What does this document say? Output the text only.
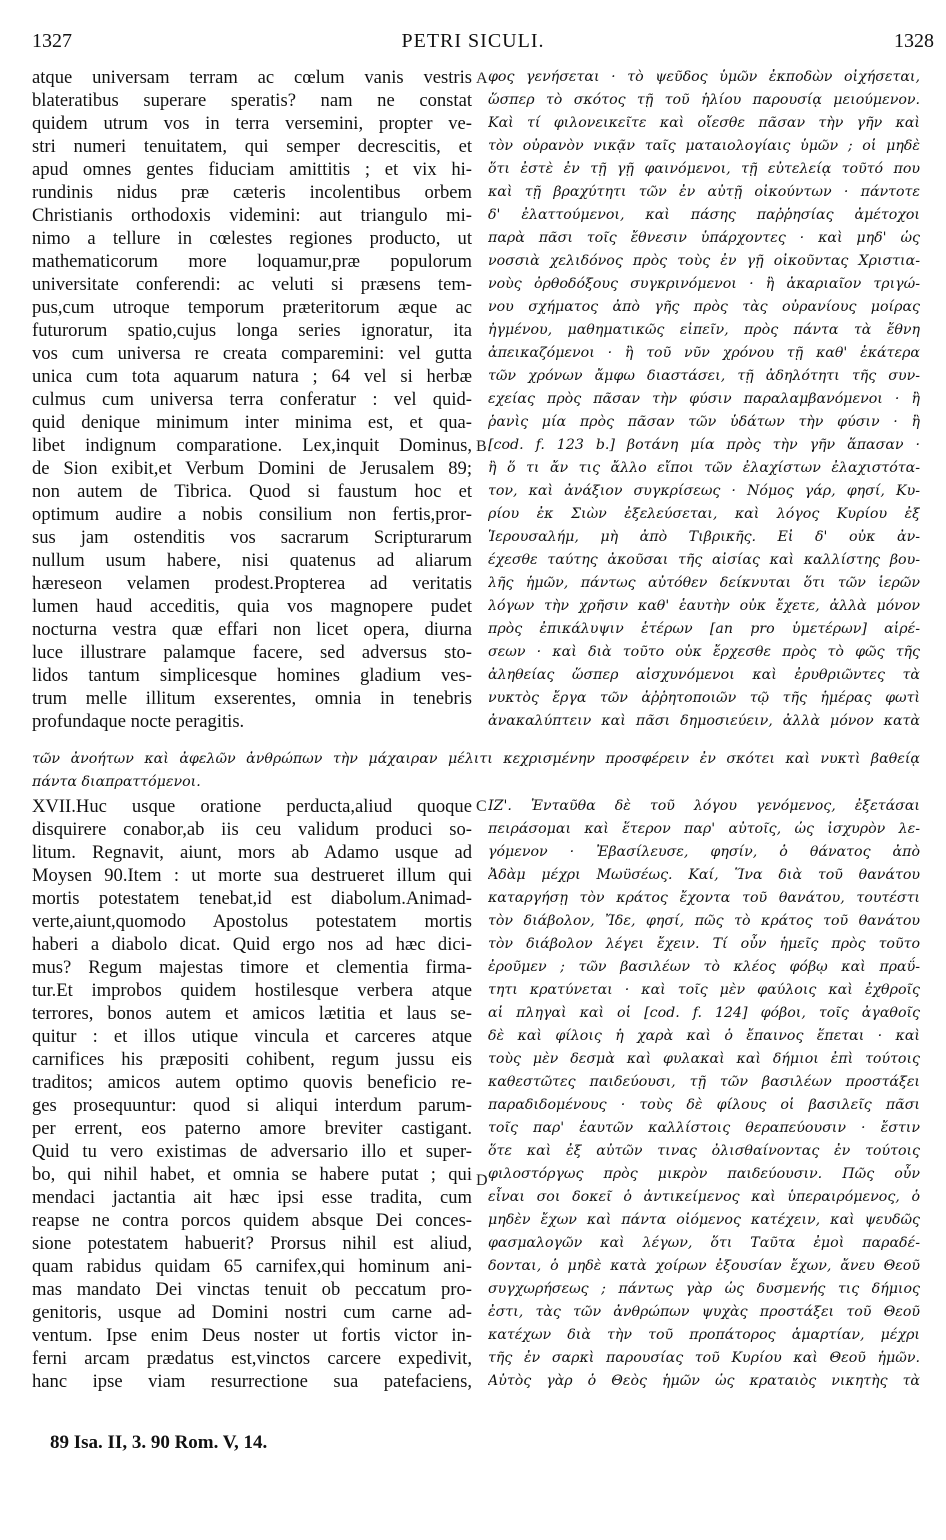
1327	PETRI SICULI.	1328
atque universam terram ac cœlum vanis vestris
blateratibus superare speratis? nam ne constat
quidem utrum vos in terra versemini, propter ve-
stri numeri tenuitatem, qui semper decrescitis, et
apud omnes gentes fiduciam amittitis ; et vix hi-
rundinis nidus præ cæteris incolentibus orbem
Christianis orthodoxis videmini: aut triangulo mi-
nimo a tellure in cœlestes regiones producto, ut
mathematicorum more loquamur,præ populorum
universitate conferendi: ac veluti si præsens tem-
pus,cum utroque temporum præteritorum æque ac
futurorum spatio,cujus longa series ignoratur, ita
vos cum universa re creata comparemini: vel gutta
unica cum tota aquarum natura ; 64 vel si herbæ
culmus cum universa terra conferatur : vel quid-
quid denique minimum inter minima est, et qua-
libet indignum comparatione. Lex,inquit Dominus,
de Sion exibit,et Verbum Domini de Jerusalem 89;
non autem de Tibrica. Quod si faustum hoc et
optimum audire a nobis consilium non fertis,pror-
sus jam ostenditis vos sacrarum Scripturarum
nullum usum habere, nisi quatenus ad aliarum
hæreseon velamen prodest.Propterea ad veritatis
lumen haud acceditis, quia vos magnopere pudet
nocturna vestra quæ effari non licet opera, diurna
luce illustrare palamque facere, sed adversus sto-
lidos tantum simplicesque homines gladium ves-
trum melle illitum exserentes, omnia in tenebris
profundaque nocte peragitis.
φος γενήσεται · τὸ ψεῦδος ὑμῶν ἐκποδὼν οἰχήσεται,
ὥσπερ τὸ σκότος τῇ τοῦ ἡλίου παρουσίᾳ μειούμενον.
Καὶ τί φιλονεικεῖτε καὶ οἴεσθε πᾶσαν τὴν γῆν καὶ
τὸν οὐρανὸν νικᾷν ταῖς ματαιολογίαις ὑμῶν ; οἱ μηδὲ
ὅτι ἐστὲ ἐν τῇ γῇ φαινόμενοι, τῇ εὐτελείᾳ τοῦτό που
καὶ τῇ βραχύτητι τῶν ἐν αὐτῇ οἰκούντων · πάντοτε
δ' ἐλαττούμενοι, καὶ πάσης παῤῥησίας ἀμέτοχοι
παρὰ πᾶσι τοῖς ἔθνεσιν ὑπάρχοντες · καὶ μηδ' ὡς
νοσσιὰ χελιδόνος πρὸς τοὺς ἐν γῇ οἰκοῦντας Χριστια-
νοὺς ὀρθοδόξους συγκρινόμενοι · ἢ ἀκαριαῖον τριγώ-
νου σχήματος ἀπὸ γῆς πρὸς τὰς οὐρανίους μοίρας
ἠγμένου, μαθηματικῶς εἰπεῖν, πρὸς πάντα τὰ ἔθνη
ἀπεικαζόμενοι · ἢ τοῦ νῦν χρόνου τῇ καθ' ἑκάτερα
τῶν χρόνων ἄμφω διαστάσει, τῇ ἀδηλότητι τῆς συν-
εχείας πρὸς πᾶσαν τὴν φύσιν παραλαμβανόμενοι · ἢ
ῥανὶς μία πρὸς πᾶσαν τῶν ὑδάτων τὴν φύσιν · ἢ
[cod. f. 123 b.] βοτάνη μία πρὸς τὴν γῆν ἅπασαν ·
ἢ ὅ τι ἄν τις ἄλλο εἴποι τῶν ἐλαχίστων ἐλαχιστότα-
τον, καὶ ἀνάξιον συγκρίσεως · Νόμος γάρ, φησί, Κυ-
ρίου ἐκ Σιὼν ἐξελεύσεται, καὶ λόγος Κυρίου ἐξ
Ἱερουσαλήμ, μὴ ἀπὸ Τιβρικῆς. Εἰ δ' οὐκ ἀν-
έχεσθε ταύτης ἀκοῦσαι τῆς αἰσίας καὶ καλλίστης βου-
λῆς ἡμῶν, πάντως αὐτόθεν δείκνυται ὅτι τῶν ἱερῶν
λόγων τὴν χρῆσιν καθ' ἑαυτὴν οὐκ ἔχετε, ἀλλὰ μόνον
πρὸς ἐπικάλυψιν ἑτέρων [an pro ὑμετέρων] αἱρέ-
σεων · καὶ διὰ τοῦτο οὐκ ἔρχεσθε πρὸς τὸ φῶς τῆς
ἀληθείας ὥσπερ αἰσχυνόμενοι καὶ ἐρυθριῶντες τὰ
νυκτὸς ἔργα τῶν ἀῤῥητοποιῶν τῷ τῆς ἡμέρας φωτὶ
ἀνακαλύπτειν καὶ πᾶσι δημοσιεύειν, ἀλλὰ μόνον κατὰ
τῶν ἀνοήτων καὶ ἀφελῶν ἀνθρώπων τὴν μάχαιραν μέλιτι κεχρισμένην προσφέρειν ἐν σκότει καὶ νυκτὶ βαθείᾳ
πάντα διαπραττόμενοι.
XVII.Huc usque oratione perducta,aliud quoque
disquirere conabor,ab iis ceu validum produci so-
litum. Regnavit, aiunt, mors ab Adamo usque ad
Moysen 90.Item : ut morte sua destrueret illum qui
mortis potestatem tenebat,id est diabolum.Animad-
verte,aiunt,quomodo Apostolus potestatem mortis
haberi a diabolo dicat. Quid ergo nos ad hæc dici-
mus? Regum majestas timore et clementia firma-
tur.Et improbos quidem hostilesque verbera atque
terrores, bonos autem et amicos lætitia et laus se-
quitur : et illos utique vincula et carceres atque
carnifices his præpositi cohibent, regum jussu eis
traditos; amicos autem optimo quovis beneficio re-
ges prosequuntur: quod si aliqui interdum parum-
per errent, eos paterno amore breviter castigant.
Quid tu vero existimas de adversario illo et super-
bo, qui nihil habet, et omnia se habere putat ; qui
mendaci jactantia ait hæc ipsi esse tradita, cum
reapse ne contra porcos quidem absque Dei conces-
sione potestatem habuerit? Prorsus nihil est aliud,
quam rabidus quidam 65 carnifex,qui hominum ani-
mas mandato Dei vinctas tenuit ob peccatum pro-
genitoris, usque ad Domini nostri cum carne ad-
ventum. Ipse enim Deus noster ut fortis victor in-
ferni arcam prædatus est,vinctos carcere expedivit,
hanc ipse viam resurrectione sua patefaciens,
ΙΖ'. Ἐνταῦθα δὲ τοῦ λόγου γενόμενος, ἐξετάσαι
πειράσομαι καὶ ἕτερον παρ' αὐτοῖς, ὡς ἰσχυρὸν λε-
γόμενον · Ἐβασίλευσε, φησίν, ὁ θάνατος ἀπὸ
Ἀδὰμ μέχρι Μωϋσέως. Καί, Ἵνα διὰ τοῦ θανάτου
καταργήσῃ τὸν κράτος ἔχοντα τοῦ θανάτου, τουτέστι
τὸν διάβολον, Ἴδε, φησί, πῶς τὸ κράτος τοῦ θανάτου
τὸν διάβολον λέγει ἔχειν. Τί οὖν ἡμεῖς πρὸς τοῦτο
ἐροῦμεν ; τῶν βασιλέων τὸ κλέος φόβῳ καὶ πραΰ-
τητι κρατύνεται · καὶ τοῖς μὲν φαύλοις καὶ ἐχθροῖς
αἱ πληγαὶ καὶ οἱ [cod. f. 124] φόβοι, τοῖς ἀγαθοῖς
δὲ καὶ φίλοις ἡ χαρὰ καὶ ὁ ἔπαινος ἕπεται · καὶ
τοὺς μὲν δεσμὰ καὶ φυλακαὶ καὶ δήμιοι ἐπὶ τούτοις
καθεστῶτες παιδεύουσι, τῇ τῶν βασιλέων προστάξει
παραδιδομένους · τοὺς δὲ φίλους οἱ βασιλεῖς πᾶσι
τοῖς παρ' ἑαυτῶν καλλίστοις θεραπεύουσιν · ἔστιν
ὅτε καὶ ἐξ αὐτῶν τινας ὀλισθαίνοντας ἐν τούτοις
φιλοστόργως πρὸς μικρὸν παιδεύουσιν. Πῶς οὖν
εἶναι σοι δοκεῖ ὁ ἀντικείμενος καὶ ὑπεραιρόμενος, ὁ
μηδὲν ἔχων καὶ πάντα οἰόμενος κατέχειν, καὶ ψευδῶς
φασμαλογῶν καὶ λέγων, ὅτι Ταῦτα ἐμοὶ παραδέ-
δονται, ὁ μηδὲ κατὰ χοίρων ἐξουσίαν ἔχων, ἄνευ Θεοῦ
συγχωρήσεως ; πάντως γὰρ ὡς δυσμενής τις δήμιος
ἐστι, τὰς τῶν ἀνθρώπων ψυχὰς προστάξει τοῦ Θεοῦ
κατέχων διὰ τὴν τοῦ προπάτορος ἁμαρτίαν, μέχρι
τῆς ἐν σαρκὶ παρουσίας τοῦ Κυρίου καὶ Θεοῦ ἡμῶν.
Αὐτὸς γὰρ ὁ Θεὸς ἡμῶν ὡς κραταιὸς νικητὴς τὰ
A
B
C
D
89 Isa. II, 3. 90 Rom. V, 14.
